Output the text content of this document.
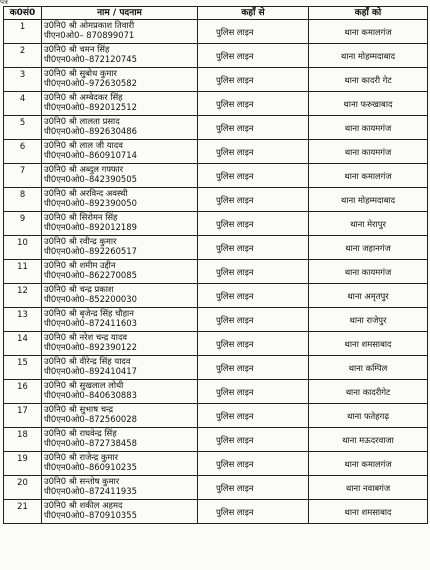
पत्र
क0सं0	नाम / पदनाम	कहाँ से	कहाँ को
1	उ0नि0 श्री ओमप्रकाश तिवारी
पीएन0ओ0– 870899071	पुलिस लाइन	थाना कमालगंज
2	उ0नि0 श्री चमन सिंह
पी0एन0ओ0–872120745	पुलिस लाइन	थाना मोहम्मदाबाद
3	उ0नि0 श्री सुबोध कुमार
पी0एन0ओ0–972630582	पुलिस लाइन	थाना कादरी गेट
4	उ0नि0 श्री अम्बेदकर सिंह
पी0एन0ओ0–892012512	पुलिस लाइन	थाना फरुखाबाद
5	उ0नि0 श्री लालता प्रसाद
पी0एन0ओ0–892630486	पुलिस लाइन	थाना कायमगंज
6	उ0नि0 श्री लाल जी यादव
पी0एन0ओ0–860910714	पुलिस लाइन	थाना कायमगंज
7	उ0नि0 श्री अब्दुल गफ्फार
पी0एन0ओ0–842390505	पुलिस लाइन	थाना कमालगंज
8	उ0नि0 श्री अरविन्द अवस्थी
पी0एन0ओ0–892390050	पुलिस लाइन	थाना मोहम्मदाबाद
9	उ0नि0 श्री सिरोमन सिंह
पी0एन0ओ0–892012189	पुलिस लाइन	थाना मेरापुर
10	उ0नि0 श्री रवीन्द्र कुमार
पी0एन0ओ0–892260517	पुलिस लाइन	थाना जहानगंज
11	उ0नि0 श्री शमीम उद्दीन
पी0एन0ओ0–862270085	पुलिस लाइन	थाना कायमगंज
12	उ0नि0 श्री चन्द्र प्रकाश
पी0एन0ओ0–852200030	पुलिस लाइन	थाना अमृतपुर
13	उ0नि0 श्री बृजेन्द्र सिंह चौहान
पी0एन0ओ0–872411603	पुलिस लाइन	थाना राजेपुर
14	उ0नि0 श्री नरेश चन्द्र यादव
पी0एन0ओ0–892390122	पुलिस लाइन	थाना शमसाबाद
15	उ0नि0 श्री वीरेन्द्र सिंह यादव
पी0एन0ओ0–892410417	पुलिस लाइन	थाना कम्पिल
16	उ0नि0 श्री सुखलाल लोधी
पी0एन0ओ0–840630883	पुलिस लाइन	थाना कादरीगेट
17	उ0नि0 श्री सुभाष चन्द्र
पी0एन0ओ0–872560028	पुलिस लाइन	थाना फतेहगढ़
18	उ0नि0 श्री राघवेन्द्र सिंह
पी0एन0ओ0–872738458	पुलिस लाइन	थाना मऊदरवाजा
19	उ0नि0 श्री राजेन्द्र कुमार
पी0एन0ओ0–860910235	पुलिस लाइन	थाना कमालगंज
20	उ0नि0 श्री सन्तोष कुमार
पी0एन0ओ0–872411935	पुलिस लाइन	थाना नवाबगंज
21	उ0नि0 श्री शकील अहमद
पी0एन0ओ0–870910355	पुलिस लाइन	थाना शमसाबाद
